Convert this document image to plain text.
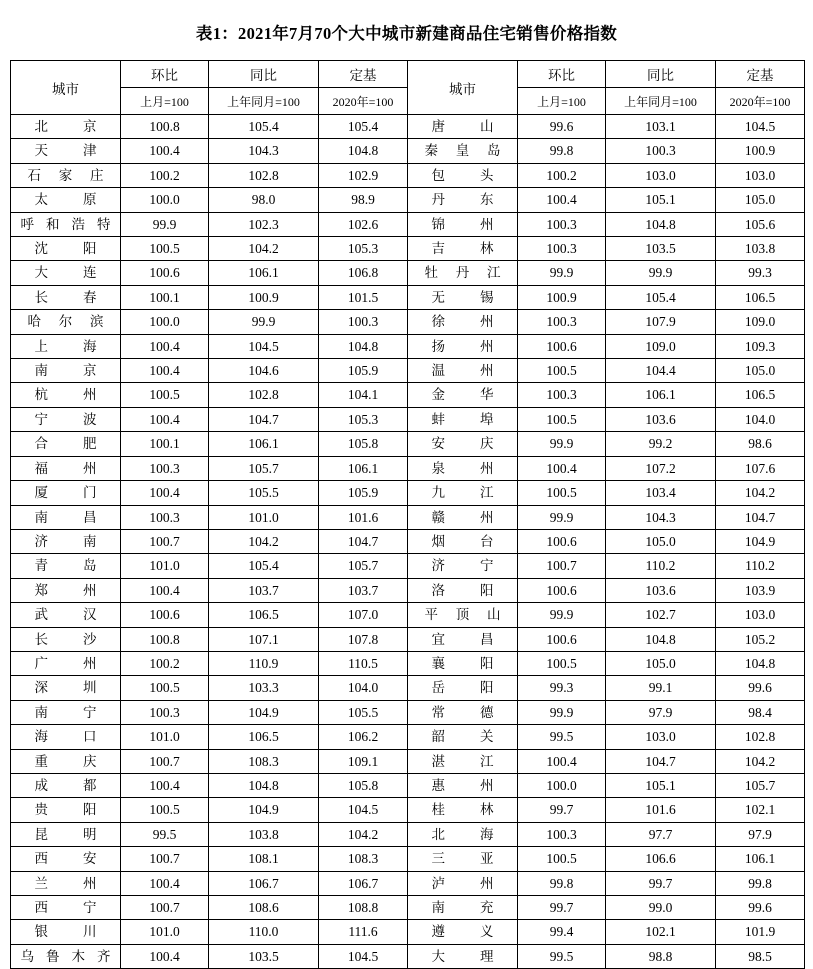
表1：2021年7月70个大中城市新建商品住宅销售价格指数
城市	环比	同比	定基	城市	环比	同比	定基
	上月=100	上年同月=100	2020年=100		上月=100	上年同月=100	2020年=100
北京	100.8	105.4	105.4	唐山	99.6	103.1	104.5
天津	100.4	104.3	104.8	秦皇岛	99.8	100.3	100.9
石家庄	100.2	102.8	102.9	包头	100.2	103.0	103.0
太原	100.0	98.0	98.9	丹东	100.4	105.1	105.0
呼和浩特	99.9	102.3	102.6	锦州	100.3	104.8	105.6
沈阳	100.5	104.2	105.3	吉林	100.3	103.5	103.8
大连	100.6	106.1	106.8	牡丹江	99.9	99.9	99.3
长春	100.1	100.9	101.5	无锡	100.9	105.4	106.5
哈尔滨	100.0	99.9	100.3	徐州	100.3	107.9	109.0
上海	100.4	104.5	104.8	扬州	100.6	109.0	109.3
南京	100.4	104.6	105.9	温州	100.5	104.4	105.0
杭州	100.5	102.8	104.1	金华	100.3	106.1	106.5
宁波	100.4	104.7	105.3	蚌埠	100.5	103.6	104.0
合肥	100.1	106.1	105.8	安庆	99.9	99.2	98.6
福州	100.3	105.7	106.1	泉州	100.4	107.2	107.6
厦门	100.4	105.5	105.9	九江	100.5	103.4	104.2
南昌	100.3	101.0	101.6	赣州	99.9	104.3	104.7
济南	100.7	104.2	104.7	烟台	100.6	105.0	104.9
青岛	101.0	105.4	105.7	济宁	100.7	110.2	110.2
郑州	100.4	103.7	103.7	洛阳	100.6	103.6	103.9
武汉	100.6	106.5	107.0	平顶山	99.9	102.7	103.0
长沙	100.8	107.1	107.8	宜昌	100.6	104.8	105.2
广州	100.2	110.9	110.5	襄阳	100.5	105.0	104.8
深圳	100.5	103.3	104.0	岳阳	99.3	99.1	99.6
南宁	100.3	104.9	105.5	常德	99.9	97.9	98.4
海口	101.0	106.5	106.2	韶关	99.5	103.0	102.8
重庆	100.7	108.3	109.1	湛江	100.4	104.7	104.2
成都	100.4	104.8	105.8	惠州	100.0	105.1	105.7
贵阳	100.5	104.9	104.5	桂林	99.7	101.6	102.1
昆明	99.5	103.8	104.2	北海	100.3	97.7	97.9
西安	100.7	108.1	108.3	三亚	100.5	106.6	106.1
兰州	100.4	106.7	106.7	泸州	99.8	99.7	99.8
西宁	100.7	108.6	108.8	南充	99.7	99.0	99.6
银川	101.0	110.0	111.6	遵义	99.4	102.1	101.9
乌鲁木齐	100.4	103.5	104.5	大理	99.5	98.8	98.5
